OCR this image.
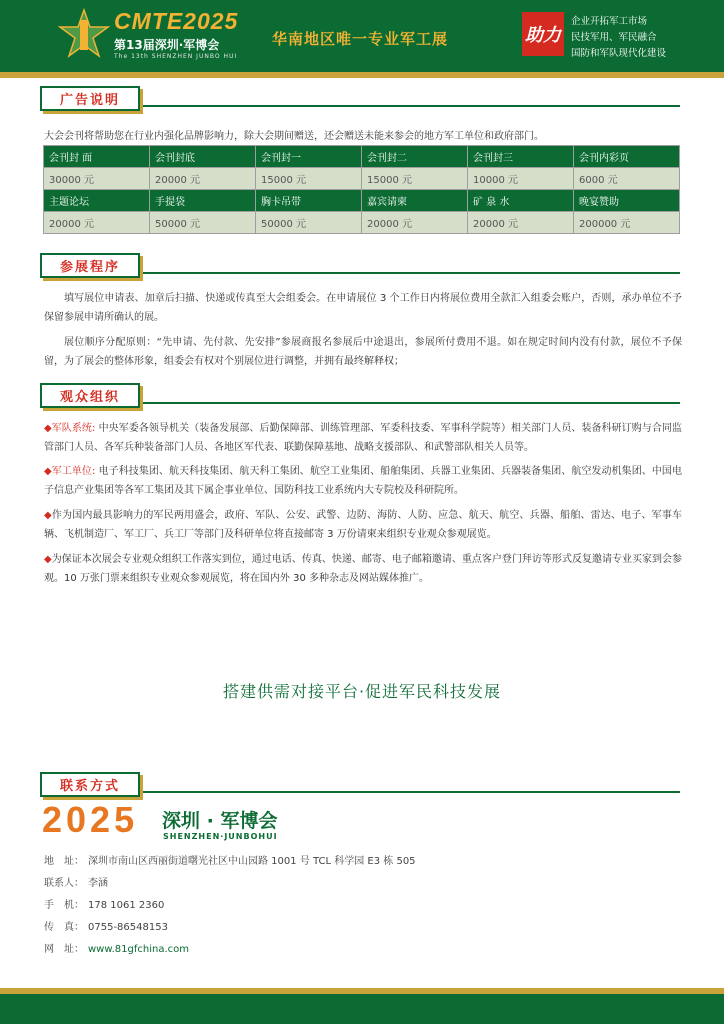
CMTE2025
第13届深圳·军博会
The 13th SHENZHEN JUNBO HUI
华南地区唯一专业军工展	助力
企业开拓军工市场
民技军用、军民融合
国防和军队现代化建设
广告说明
大会会刊将帮助您在行业内强化品牌影响力，除大会期间赠送，还会赠送未能来参会的地方军工单位和政府部门。
会刊封 面	会刊封底	会刊封一	会刊封二	会刊封三	会刊内彩页
30000 元	20000 元	15000 元	15000 元	10000 元	6000 元
主题论坛	手提袋	胸卡吊带	嘉宾请柬	矿 泉 水	晚宴赞助
20000 元	50000 元	50000 元	20000 元	20000 元	200000 元
参展程序
填写展位申请表、加章后扫描、快递或传真至大会组委会。在申请展位 3 个工作日内将展位费用全款汇入组委会账户，否则，承办单位不予保留参展申请所确认的展。
展位顺序分配原则：“先申请、先付款、先安排”参展商报名参展后中途退出，参展所付费用不退。如在规定时间内没有付款，展位不予保留，为了展会的整体形象，组委会有权对个别展位进行调整，并拥有最终解释权；
观众组织
◆军队系统: 中央军委各领导机关（装备发展部、后勤保障部、训练管理部、军委科技委、军事科学院等）相关部门人员、装备科研订购与合同监管部门人员、各军兵种装备部门人员、各地区军代表、联勤保障基地、战略支援部队、和武警部队相关人员等。
◆军工单位: 电子科技集团、航天科技集团、航天科工集团、航空工业集团、船舶集团、兵器工业集团、兵器装备集团、航空发动机集团、中国电子信息产业集团等各军工集团及其下属企事业单位、国防科技工业系统内大专院校及科研院所。
◆作为国内最具影响力的军民两用盛会，政府、军队、公安、武警、边防、海防、人防、应急、航天、航空、兵器、船舶、雷达、电子、军事车辆、飞机制造厂、军工厂、兵工厂等部门及科研单位将直接邮寄 3 万份请柬来组织专业观众参观展览。
◆为保证本次展会专业观众组织工作落实到位，通过电话、传真、快递、邮寄、电子邮箱邀请、重点客户登门拜访等形式反复邀请专业买家到会参观。10 万张门票来组织专业观众参观展览，将在国内外 30 多种杂志及网站媒体推广。
搭建供需对接平台·促进军民科技发展
联系方式
2025 深圳 · 军博会
SHENZHEN·JUNBOHUI
地　址： 深圳市南山区西丽街道曙光社区中山园路 1001 号 TCL 科学园 E3 栋 505
联系人： 李涵
手　机： 178 1061 2360
传　真： 0755-86548153
网　址： www.81gfchina.com
